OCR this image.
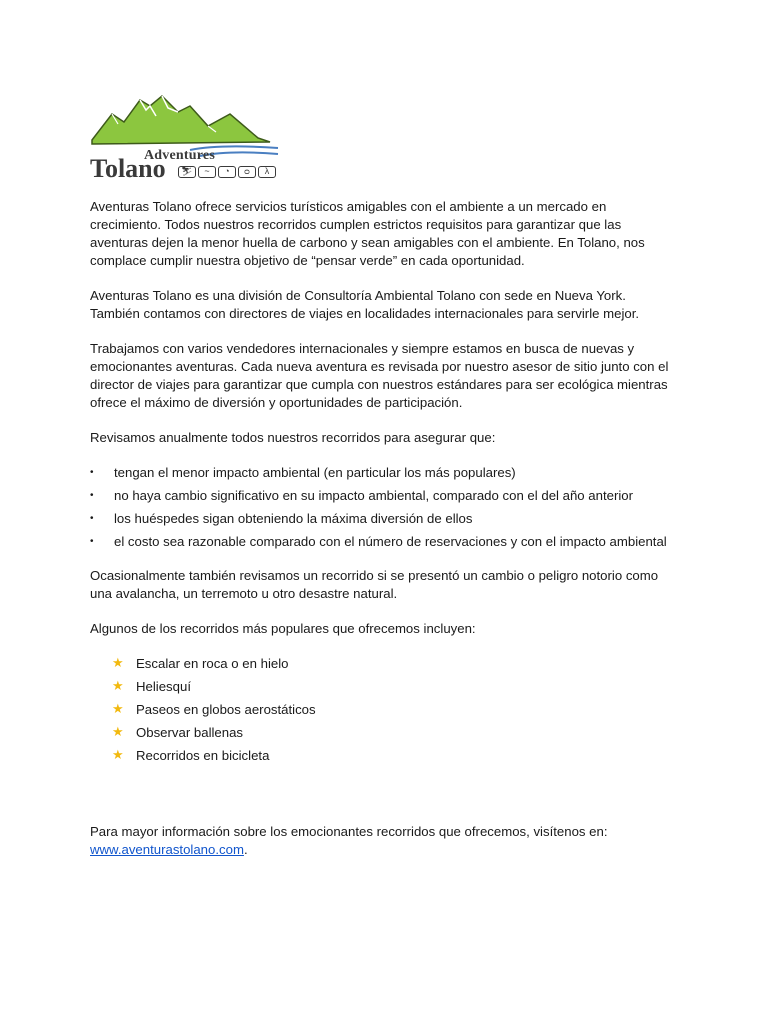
Adventures
Tolano	⛷	~	◔	ᴑ	λ

Aventuras Tolano ofrece servicios turísticos amigables con el ambiente a un mercado en crecimiento. Todos nuestros recorridos cumplen estrictos requisitos para garantizar que las aventuras dejen la menor huella de carbono y sean amigables con el ambiente. En Tolano, nos complace cumplir nuestra objetivo de “pensar verde” en cada oportunidad.

Aventuras Tolano es una división de Consultoría Ambiental Tolano con sede en Nueva York. También contamos con directores de viajes en localidades internacionales para servirle mejor.

Trabajamos con varios vendedores internacionales y siempre estamos en busca de nuevas y emocionantes aventuras. Cada nueva aventura es revisada por nuestro asesor de sitio junto con el director de viajes para garantizar que cumpla con nuestros estándares para ser ecológica mientras ofrece el máximo de diversión y oportunidades de participación.

Revisamos anualmente todos nuestros recorridos para asegurar que:

• tengan el menor impacto ambiental (en particular los más populares)
• no haya cambio significativo en su impacto ambiental, comparado con el del año anterior
• los huéspedes sigan obteniendo la máxima diversión de ellos
• el costo sea razonable comparado con el número de reservaciones y con el impacto ambiental

Ocasionalmente también revisamos un recorrido si se presentó un cambio o peligro notorio como una avalancha, un terremoto u otro desastre natural.

Algunos de los recorridos más populares que ofrecemos incluyen:

★ Escalar en roca o en hielo
★ Heliesquí
★ Paseos en globos aerostáticos
★ Observar ballenas
★ Recorridos en bicicleta

Para mayor información sobre los emocionantes recorridos que ofrecemos, visítenos en:
www.aventurastolano.com.
